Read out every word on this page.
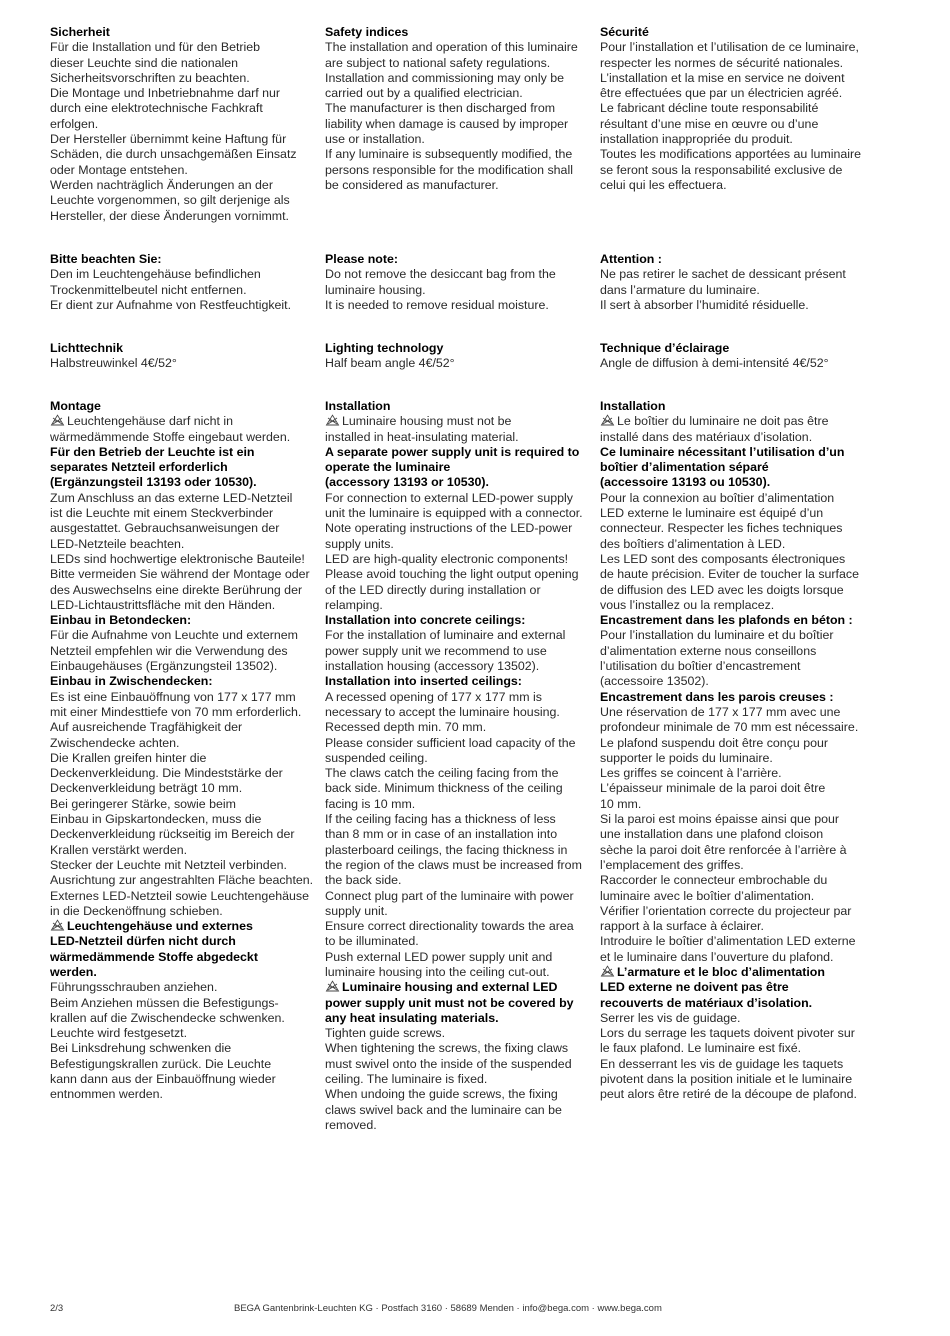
Sicherheit
Für die Installation und für den Betrieb
dieser Leuchte sind die nationalen
Sicherheitsvorschriften zu beachten.
Die Montage und Inbetriebnahme darf nur
durch eine elektrotechnische Fachkraft
erfolgen.
Der Hersteller übernimmt keine Haftung für
Schäden, die durch unsachgemäßen Einsatz
oder Montage entstehen.
Werden nachträglich Änderungen an der
Leuchte vorgenommen, so gilt derjenige als
Hersteller, der diese Änderungen vornimmt.
Bitte beachten Sie:
Den im Leuchtengehäuse befindlichen
Trockenmittelbeutel nicht entfernen.
Er dient zur Aufnahme von Restfeuchtigkeit.
Lichttechnik
Halbstreuwinkel 4€/52°
Montage
Leuchtengehäuse darf nicht in
wärmedämmende Stoffe eingebaut werden.
Für den Betrieb der Leuchte ist ein
separates Netzteil erforderlich
(Ergänzungsteil 13193 oder 10530).
Zum Anschluss an das externe LED-Netzteil
ist die Leuchte mit einem Steckverbinder
ausgestattet. Gebrauchsanweisungen der
LED-Netzteile beachten.
LEDs sind hochwertige elektronische Bauteile!
Bitte vermeiden Sie während der Montage oder
des Auswechselns eine direkte Berührung der
LED-Lichtaustrittsfläche mit den Händen.
Einbau in Betondecken:
Für die Aufnahme von Leuchte und externem
Netzteil empfehlen wir die Verwendung des
Einbaugehäuses (Ergänzungsteil 13502).
Einbau in Zwischendecken:
Es ist eine Einbauöffnung von 177 x 177 mm
mit einer Mindesttiefe von 70 mm erforderlich.
Auf ausreichende Tragfähigkeit der
Zwischendecke achten.
Die Krallen greifen hinter die
Deckenverkleidung. Die Mindeststärke der
Deckenverkleidung beträgt 10 mm.
Bei geringerer Stärke, sowie beim
Einbau in Gipskartondecken, muss die
Deckenverkleidung rückseitig im Bereich der
Krallen verstärkt werden.
Stecker der Leuchte mit Netzteil verbinden.
Ausrichtung zur angestrahlten Fläche beachten.
Externes LED-Netzteil sowie Leuchtengehäuse
in die Deckenöffnung schieben.
Leuchtengehäuse und externes
LED-Netzteil dürfen nicht durch
wärmedämmende Stoffe abgedeckt
werden.
Führungsschrauben anziehen.
Beim Anziehen müssen die Befestigungs-
krallen auf die Zwischendecke schwenken.
Leuchte wird festgesetzt.
Bei Linksdrehung schwenken die
Befestigungskrallen zurück. Die Leuchte
kann dann aus der Einbauöffnung wieder
entnommen werden.
Safety indices
The installation and operation of this luminaire
are subject to national safety regulations.
Installation and commissioning may only be
carried out by a qualified electrician.
The manufacturer is then discharged from
liability when damage is caused by improper
use or installation.
If any luminaire is subsequently modified, the
persons responsible for the modification shall
be considered as manufacturer.
Please note:
Do not remove the desiccant bag from the
luminaire housing.
It is needed to remove residual moisture.
Lighting technology
Half beam angle 4€/52°
Installation
Luminaire housing must not be
installed in heat-insulating material.
A separate power supply unit is required to
operate the luminaire
(accessory 13193 or 10530).
For connection to external LED-power supply
unit the luminaire is equipped with a connector.
Note operating instructions of the LED-power
supply units.
LED are high-quality electronic components!
Please avoid touching the light output opening
of the LED directly during installation or
relamping.
Installation into concrete ceilings:
For the installation of luminaire and external
power supply unit we recommend to use
installation housing (accessory 13502).
Installation into inserted ceilings:
A recessed opening of 177 x 177 mm is
necessary to accept the luminaire housing.
Recessed depth min. 70 mm.
Please consider sufficient load capacity of the
suspended ceiling.
The claws catch the ceiling facing from the
back side. Minimum thickness of the ceiling
facing is 10 mm.
If the ceiling facing has a thickness of less
than 8 mm or in case of an installation into
plasterboard ceilings, the facing thickness in
the region of the claws must be increased from
the back side.
Connect plug part of the luminaire with power
supply unit.
Ensure correct directionality towards the area
to be illuminated.
Push external LED power supply unit and
luminaire housing into the ceiling cut-out.
Luminaire housing and external LED
power supply unit must not be covered by
any heat insulating materials.
Tighten guide screws.
When tightening the screws, the fixing claws
must swivel onto the inside of the suspended
ceiling. The luminaire is fixed.
When undoing the guide screws, the fixing
claws swivel back and the luminaire can be
removed.
Sécurité
Pour l’installation et l’utilisation de ce luminaire,
respecter les normes de sécurité nationales.
L’installation et la mise en service ne doivent
être effectuées que par un électricien agréé.
Le fabricant décline toute responsabilité
résultant d’une mise en œuvre ou d’une
installation inappropriée du produit.
Toutes les modifications apportées au luminaire
se feront sous la responsabilité exclusive de
celui qui les effectuera.
Attention :
Ne pas retirer le sachet de dessicant présent
dans l’armature du luminaire.
Il sert à absorber l’humidité résiduelle.
Technique d’éclairage
Angle de diffusion à demi-intensité 4€/52°
Installation
Le boîtier du luminaire ne doit pas être
installé dans des matériaux d’isolation.
Ce luminaire nécessitant l’utilisation d’un
boîtier d’alimentation séparé
(accessoire 13193 ou 10530).
Pour la connexion au boîtier d’alimentation
LED externe le luminaire est équipé d’un
connecteur. Respecter les fiches techniques
des boîtiers d’alimentation à LED.
Les LED sont des composants électroniques
de haute précision. Eviter de toucher la surface
de diffusion des LED avec les doigts lorsque
vous l’installez ou la remplacez.
Encastrement dans les plafonds en béton :
Pour l’installation du luminaire et du boîtier
d’alimentation externe nous conseillons
l’utilisation du boîtier d’encastrement
(accessoire 13502).
Encastrement dans les parois creuses :
Une réservation de 177 x 177 mm avec une
profondeur minimale de 70 mm est nécessaire.
Le plafond suspendu doit être conçu pour
supporter le poids du luminaire.
Les griffes se coincent à l’arrière.
L’épaisseur minimale de la paroi doit être
10 mm.
Si la paroi est moins épaisse ainsi que pour
une installation dans une plafond cloison
sèche la paroi doit être renforcée à l’arrière à
l’emplacement des griffes.
Raccorder le connecteur embrochable du
luminaire avec le boîtier d’alimentation.
Vérifier l’orientation correcte du projecteur par
rapport à la surface à éclairer.
Introduire le boîtier d’alimentation LED externe
et le luminaire dans l’ouverture du plafond.
L’armature et le bloc d’alimentation
LED externe ne doivent pas être
recouverts de matériaux d’isolation.
Serrer les vis de guidage.
Lors du serrage les taquets doivent pivoter sur
le faux plafond. Le luminaire est fixé.
En desserrant les vis de guidage les taquets
pivotent dans la position initiale et le luminaire
peut alors être retiré de la découpe de plafond.
2/3	BEGA Gantenbrink-Leuchten KG · Postfach 3160 · 58689 Menden · info@bega.com · www.bega.com
